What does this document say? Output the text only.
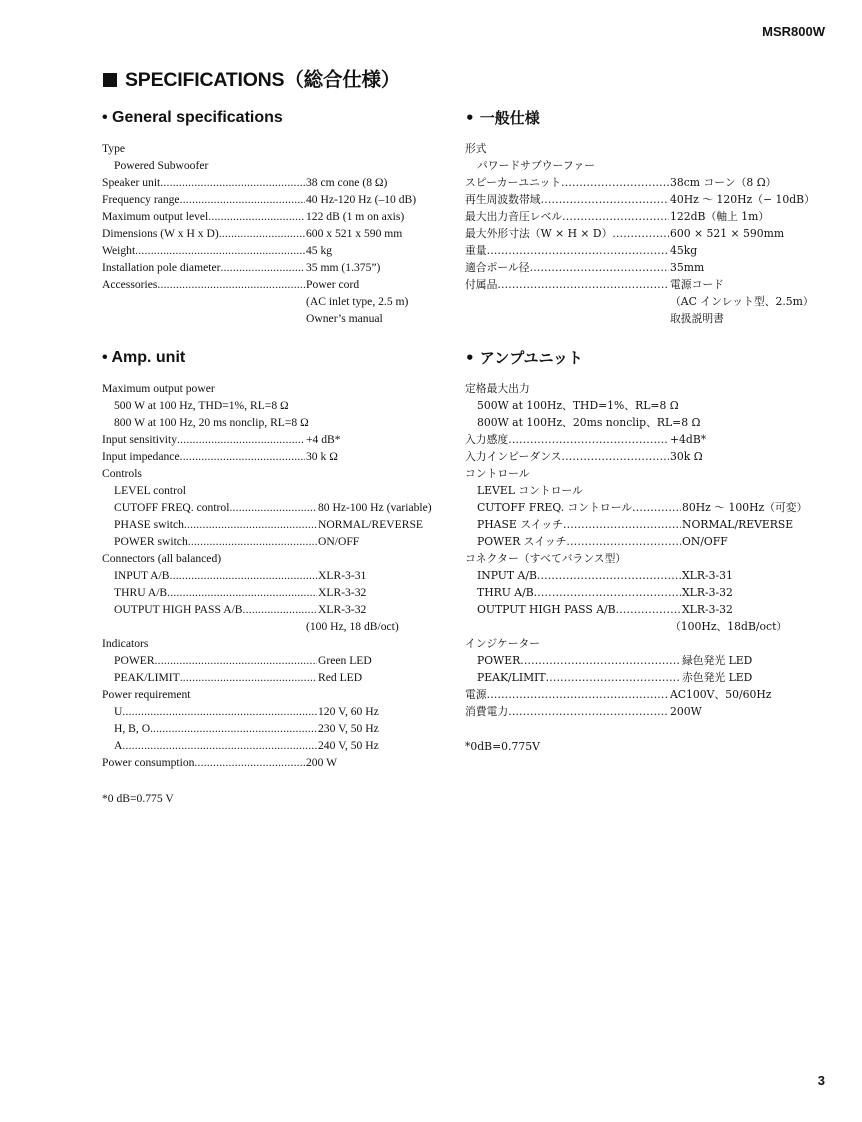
MSR800W
SPECIFICATIONS（総合仕様）
• General specifications
Type
Powered Subwoofer
Speaker unit .....	38 cm cone (8 Ω)
Frequency range .....	40 Hz-120 Hz (–10 dB)
Maximum output level .....	122 dB (1 m on axis)
Dimensions (W x H x D) .....	600 x 521 x 590 mm
Weight .....	45 kg
Installation pole diameter .....	35 mm (1.375”)
Accessories .....	Power cord
(AC inlet type, 2.5 m)
Owner’s manual
• Amp. unit
Maximum output power
500 W at 100 Hz, THD=1%, RL=8 Ω
800 W at 100 Hz, 20 ms nonclip, RL=8 Ω
Input sensitivity .....	+4 dB*
Input impedance .....	30 k Ω
Controls
LEVEL control
CUTOFF FREQ. control .....	80 Hz-100 Hz (variable)
PHASE switch .....	NORMAL/REVERSE
POWER switch .....	ON/OFF
Connectors (all balanced)
INPUT A/B .....	XLR-3-31
THRU A/B .....	XLR-3-32
OUTPUT HIGH PASS A/B .....	XLR-3-32
(100 Hz, 18 dB/oct)
Indicators
POWER .....	Green LED
PEAK/LIMIT .....	Red LED
Power requirement
U .....	120 V, 60 Hz
H, B, O. .....	230 V, 50 Hz
A .....	240 V, 50 Hz
Power consumption .....	200 W
*0 dB=0.775 V
• 一般仕様
形式
パワードサブウーファー
スピーカーユニット .....	38cm コーン（8 Ω）
再生周波数帯域 .....	40Hz ～ 120Hz（− 10dB）
最大出力音圧レベル .....	122dB（軸上 1m）
最大外形寸法（W × H × D） .....	600 × 521 × 590mm
重量 .....	45kg
適合ポール径 .....	35mm
付属品 .....	電源コード
（AC インレット型、2.5m）
取扱説明書
• アンプユニット
定格最大出力
500W at 100Hz、THD=1%、RL=8 Ω
800W at 100Hz、20ms nonclip、RL=8 Ω
入力感度 .....	+4dB*
入力インピーダンス .....	30k Ω
コントロール
LEVEL コントロール
CUTOFF FREQ. コントロール .....	80Hz ～ 100Hz（可変）
PHASE スイッチ .....	NORMAL/REVERSE
POWER スイッチ .....	ON/OFF
コネクター（すべてバランス型）
INPUT A/B .....	XLR-3-31
THRU A/B .....	XLR-3-32
OUTPUT HIGH PASS A/B .....	XLR-3-32
（100Hz、18dB/oct）
インジケーター
POWER .....	緑色発光 LED
PEAK/LIMIT .....	赤色発光 LED
電源 .....	AC100V、50/60Hz
消費電力 .....	200W
*0dB=0.775V
3
